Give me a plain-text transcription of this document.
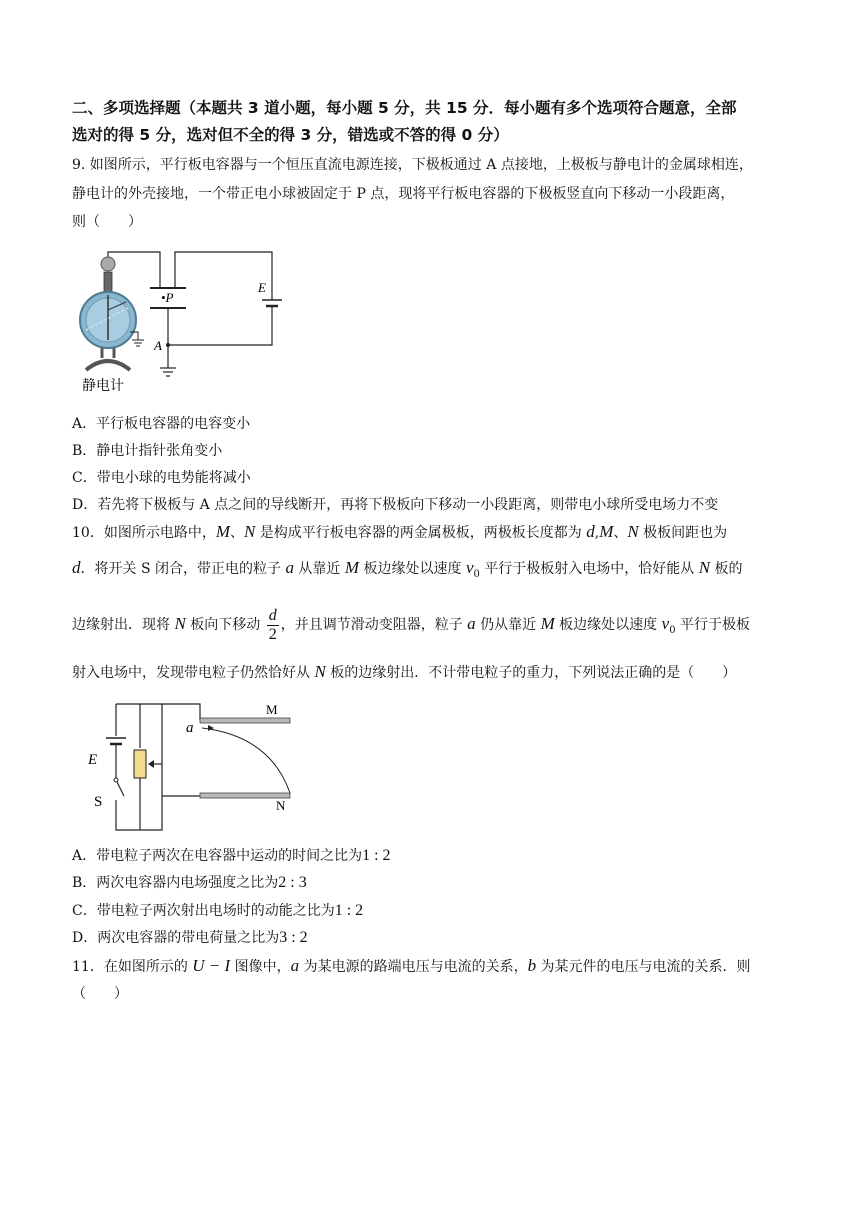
二、多项选择题（本题共 3 道小题，每小题 5 分，共 15 分．每小题有多个选项符合题意，全部
选对的得 5 分，选对但不全的得 3 分，错选或不答的得 0 分）
9. 如图所示，平行板电容器与一个恒压直流电源连接，下极板通过 A 点接地，上极板与静电计的金属球相连，
静电计的外壳接地，一个带正电小球被固定于 P 点，现将平行板电容器的下极板竖直向下移动一小段距离，
则（　　）
•P
E
A
静电计
A．平行板电容器的电容变小
B．静电计指针张角变小
C．带电小球的电势能将减小
D．若先将下极板与 A 点之间的导线断开，再将下极板向下移动一小段距离，则带电小球所受电场力不变
10．如图所示电路中，M、N 是构成平行板电容器的两金属极板，两极板长度都为 d,M、N 极板间距也为
d．将开关 S 闭合，带正电的粒子 a 从靠近 M 板边缘处以速度 $v_0$ 平行于极板射入电场中，恰好能从 N 板的
边缘射出．现将 N 板向下移动 $\frac{d}{2}$ ，并且调节滑动变阻器，粒子 a 仍从靠近 M 板边缘处以速度 $v_0$ 平行于极板
射入电场中，发现带电粒子仍然恰好从 N 板的边缘射出．不计带电粒子的重力，下列说法正确的是（　　）
M
N
a
E
S
A．带电粒子两次在电容器中运动的时间之比为1 : 2
B．两次电容器内电场强度之比为2 : 3
C．带电粒子两次射出电场时的动能之比为1 : 2
D．两次电容器的带电荷量之比为3 : 2
11．在如图所示的 U − I 图像中，a 为某电源的路端电压与电流的关系，b 为某元件的电压与电流的关系．则
（　　）
